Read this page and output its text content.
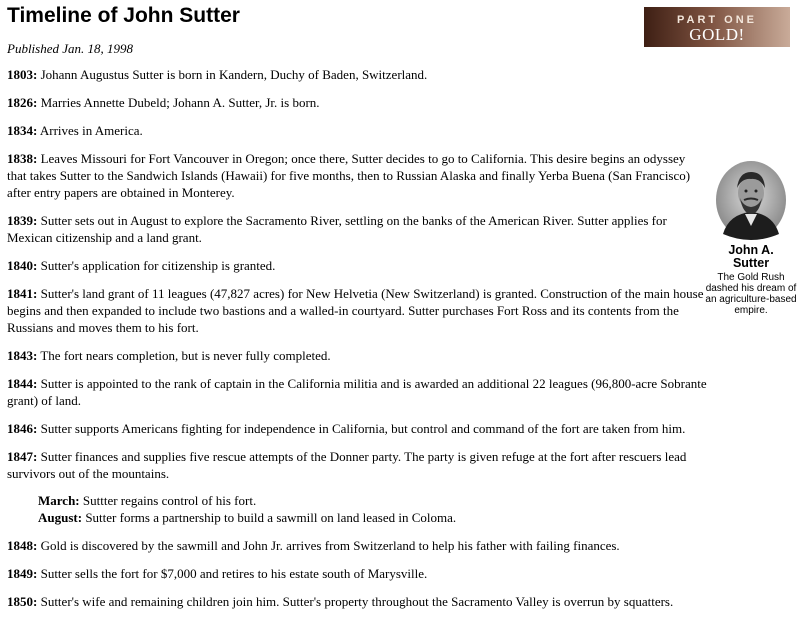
Timeline of John Sutter	PART ONE
GOLD!
Published Jan. 18, 1998

1803: Johann Augustus Sutter is born in Kandern, Duchy of Baden, Switzerland.

1826: Marries Annette Dubeld; Johann A. Sutter, Jr. is born.

1834: Arrives in America.

1838: Leaves Missouri for Fort Vancouver in Oregon; once there, Sutter decides to go to California. This desire begins an odyssey that takes Sutter to the Sandwich Islands (Hawaii) for five months, then to Russian Alaska and finally Yerba Buena (San Francisco) after entry papers are obtained in Monterey.

1839: Sutter sets out in August to explore the Sacramento River, settling on the banks of the American River. Sutter applies for Mexican citizenship and a land grant.

1840: Sutter's application for citizenship is granted.

1841: Sutter's land grant of 11 leagues (47,827 acres) for New Helvetia (New Switzerland) is granted. Construction of the main house begins and then expanded to include two bastions and a walled-in courtyard. Sutter purchases Fort Ross and its contents from the Russians and moves them to his fort.

1843: The fort nears completion, but is never fully completed.

1844: Sutter is appointed to the rank of captain in the California militia and is awarded an additional 22 leagues (96,800-acre Sobrante grant) of land.

1846: Sutter supports Americans fighting for independence in California, but control and command of the fort are taken from him.

1847: Sutter finances and supplies five rescue attempts of the Donner party. The party is given refuge at the fort after rescuers lead survivors out of the mountains.

March: Suttter regains control of his fort.
August: Sutter forms a partnership to build a sawmill on land leased in Coloma.

1848: Gold is discovered by the sawmill and John Jr. arrives from Switzerland to help his father with failing finances.

1849: Sutter sells the fort for $7,000 and retires to his estate south of Marysville.

1850: Sutter's wife and remaining children join him. Sutter's property throughout the Sacramento Valley is overrun by squatters.

John A.
Sutter
The Gold Rush dashed his dream of an agriculture-based empire.
